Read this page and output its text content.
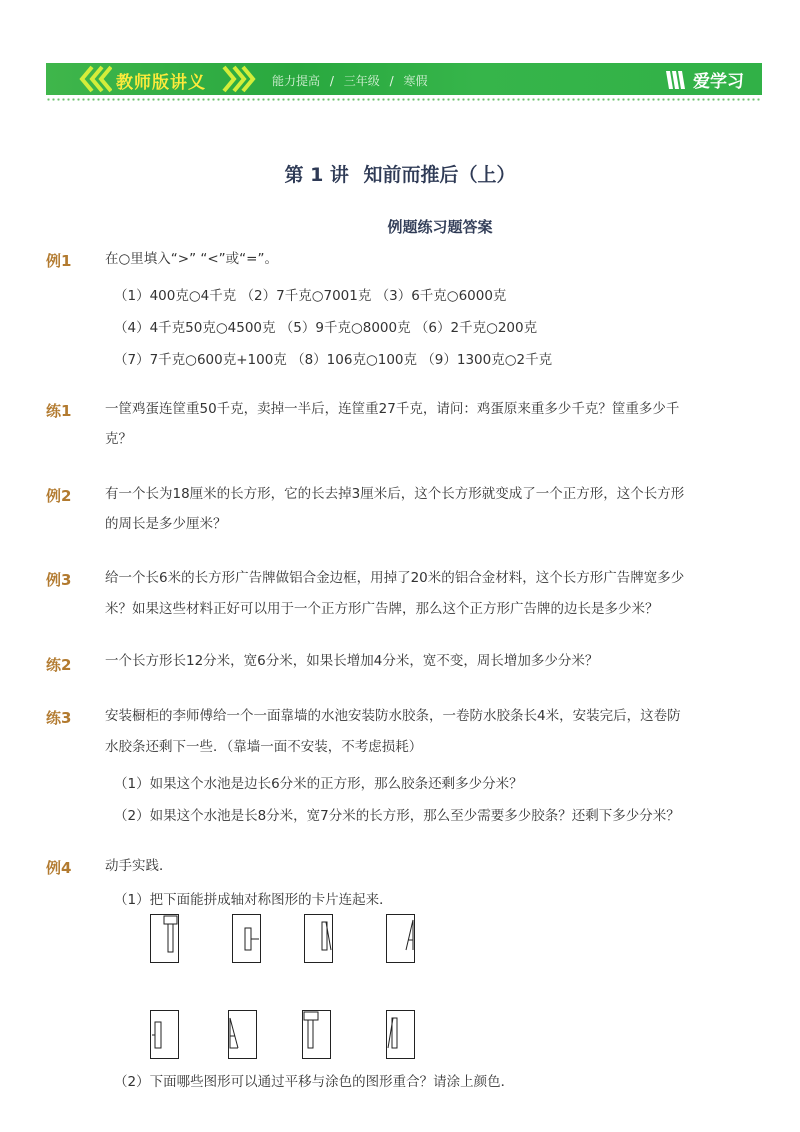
教师版讲义	能力提高 / 三年级 / 寒假	爱学习
第 1 讲 知前而推后（上）
例题练习题答案
例1 在○里填入“>” “<”或“=”。
（1）400克○4千克 （2）7千克○7001克 （3）6千克○6000克
（4）4千克50克○4500克 （5）9千克○8000克 （6）2千克○200克
（7）7千克○600克+100克 （8）106克○100克 （9）1300克○2千克
练1 一筐鸡蛋连筐重50千克，卖掉一半后，连筐重27千克，请问：鸡蛋原来重多少千克？筐重多少千
克？
例2 有一个长为18厘米的长方形，它的长去掉3厘米后，这个长方形就变成了一个正方形，这个长方形
的周长是多少厘米？
例3 给一个长6米的长方形广告牌做铝合金边框，用掉了20米的铝合金材料，这个长方形广告牌宽多少
米？如果这些材料正好可以用于一个正方形广告牌，那么这个正方形广告牌的边长是多少米？
练2 一个长方形长12分米，宽6分米，如果长增加4分米，宽不变，周长增加多少分米？
练3 安装橱柜的李师傅给一个一面靠墙的水池安装防水胶条，一卷防水胶条长4米，安装完后，这卷防
水胶条还剩下一些．（靠墙一面不安装，不考虑损耗）
（1）如果这个水池是边长6分米的正方形，那么胶条还剩多少分米？
（2）如果这个水池是长8分米，宽7分米的长方形，那么至少需要多少胶条？还剩下多少分米？
例4 动手实践．
（1）把下面能拼成轴对称图形的卡片连起来．
（2）下面哪些图形可以通过平移与涂色的图形重合？请涂上颜色．
